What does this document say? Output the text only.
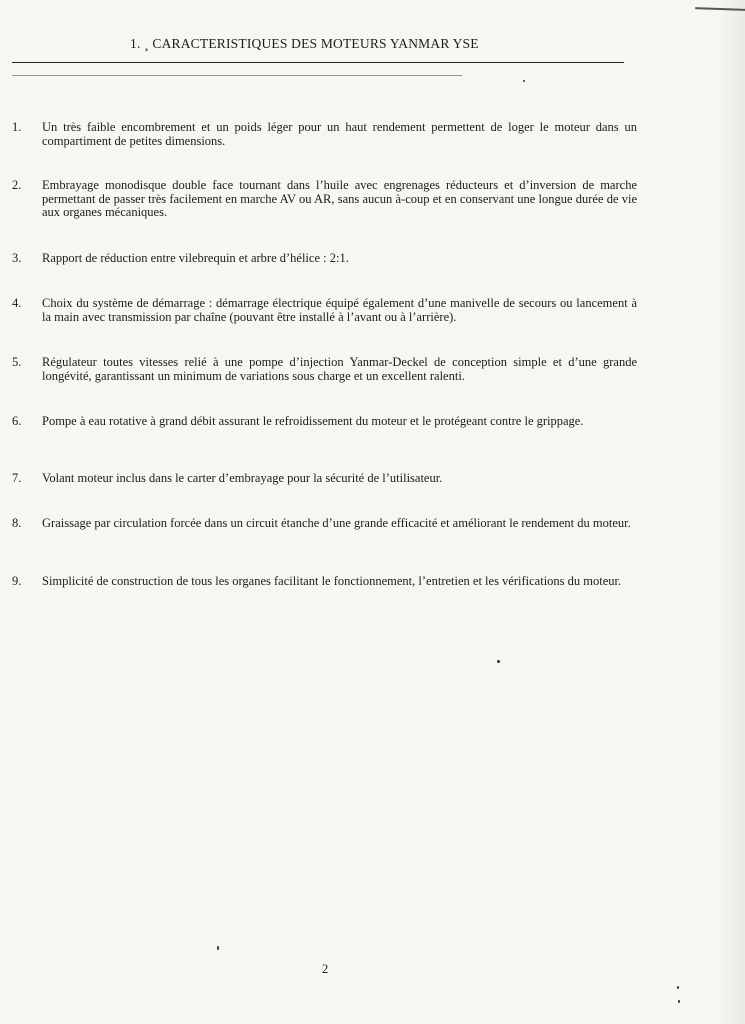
1. ¸ CARACTERISTIQUES DES MOTEURS YANMAR YSE
1.	Un très faible encombrement et un poids léger pour un haut rendement permettent de loger le moteur dans un compartiment de petites dimensions.
2.	Embrayage monodisque double face tournant dans l’huile avec engrenages réducteurs et d’inversion de marche permettant de passer très facilement en marche AV ou AR, sans aucun à-coup et en conservant une longue durée de vie aux organes mécaniques.
3.	Rapport de réduction entre vilebrequin et arbre d’hélice : 2:1.
4.	Choix du système de démarrage : démarrage électrique équipé également d’une manivelle de secours ou lancement à la main avec transmission par chaîne (pouvant être installé à l’avant ou à l’arrière).
5.	Régulateur toutes vitesses relié à une pompe d’injection Yanmar-Deckel de conception simple et d’une grande longévité, garantissant un minimum de variations sous charge et un excellent ralenti.
6.	Pompe à eau rotative à grand débit assurant le refroidissement du moteur et le protégeant contre le grippage.
7.	Volant moteur inclus dans le carter d’embrayage pour la sécurité de l’utilisateur.
8.	Graissage par circulation forcée dans un circuit étanche d’une grande efficacité et améliorant le rendement du moteur.
9.	Simplicité de construction de tous les organes facilitant le fonctionnement, l’entretien et les vérifications du moteur.
2
